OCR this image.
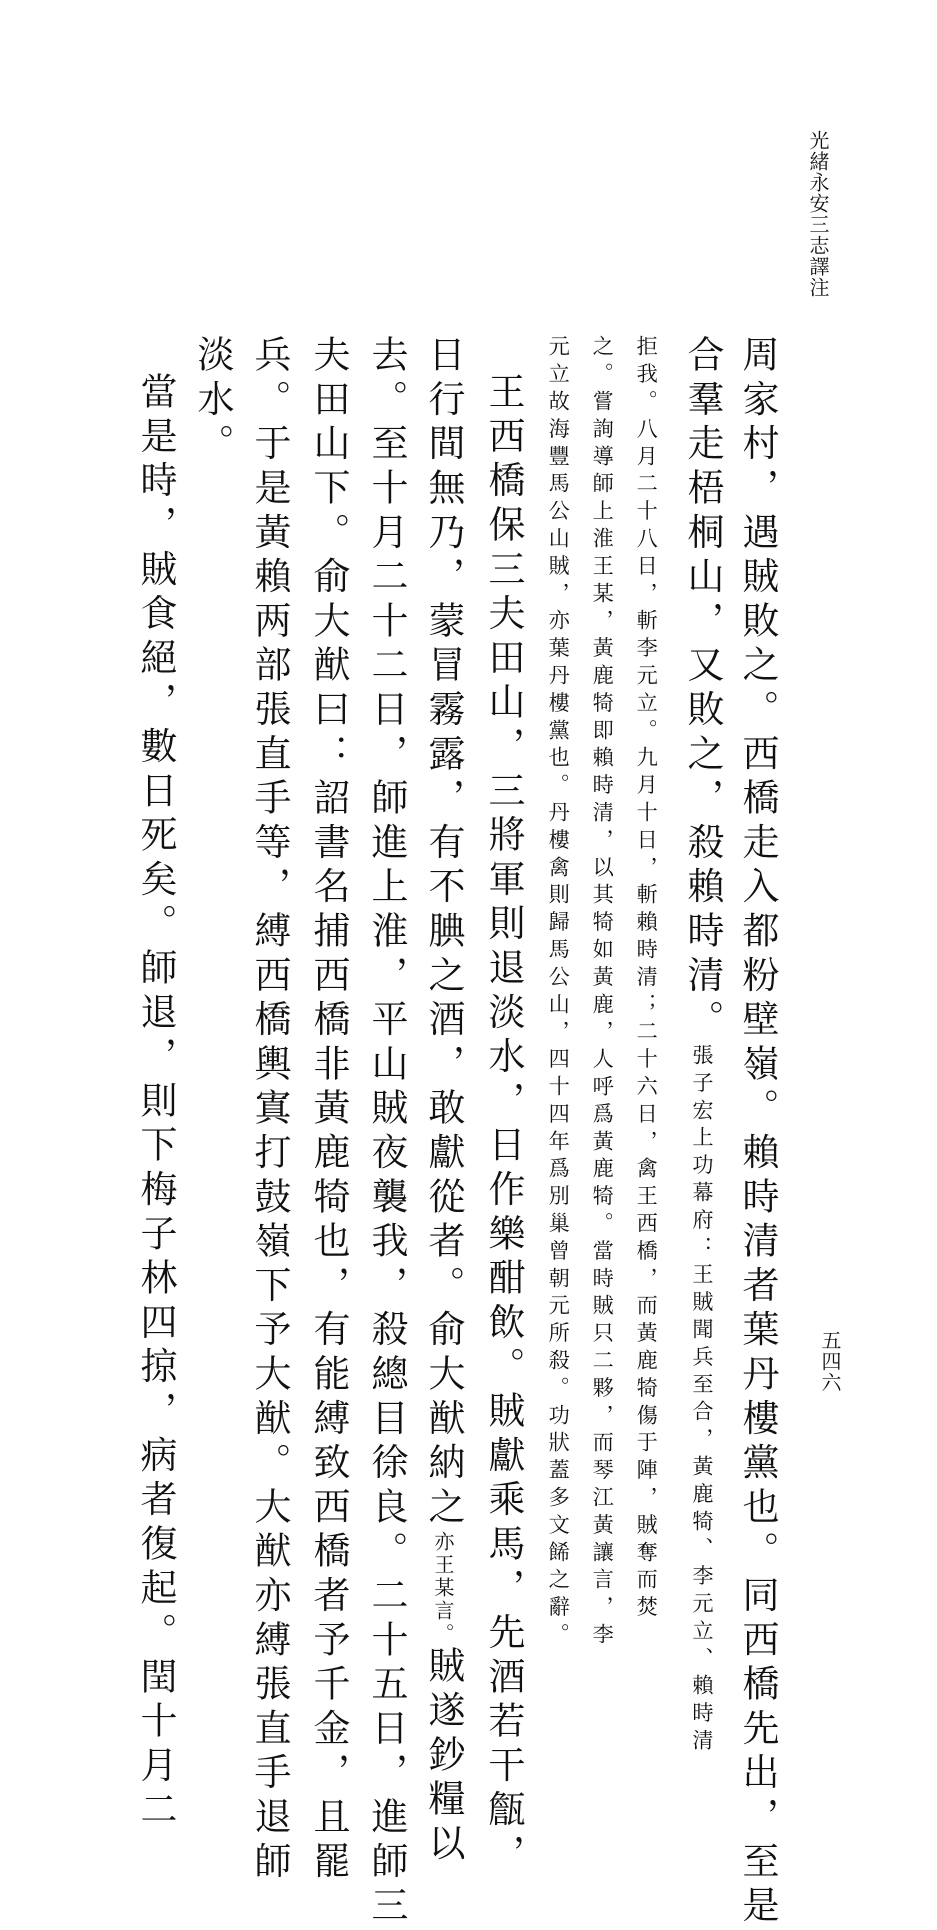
光緒永安三志譯注
五四六
周家村，遇賊敗之。西橋走入都粉壁嶺。賴時清者葉丹樓黨也。同西橋先出，至是
合羣走梧桐山，又敗之，殺賴時清。張子宏上功幕府：王賊聞兵至合，黃鹿犄、李元立、賴時清
拒我。八月二十八日，斬李元立。九月十日，斬賴時清；二十六日，禽王西橋，而黃鹿犄傷于陣，賊奪而焚
之。嘗詢導師上淮王某，黃鹿犄即賴時清，以其犄如黃鹿，人呼爲黃鹿犄。當時賊只二夥，而琴江黃讓言，李
元立故海豐馬公山賊，亦葉丹樓黨也。丹樓禽則歸馬公山，四十四年爲別巢曾朝元所殺。功狀蓋多文餙之辭。
王西橋保三夫田山，三將軍則退淡水，日作樂酣飲。賊獻乘馬，先酒若干甔，
日行間無乃，蒙冒霧露，有不腆之酒，敢獻從者。俞大猷納之亦王某言。賊遂鈔糧以
去。至十月二十二日，師進上淮，平山賊夜襲我，殺總目徐良。二十五日，進師三
夫田山下。俞大猷曰：詔書名捕西橋非黃鹿犄也，有能縛致西橋者予千金，且罷
兵。于是黃賴两部張直手等，縛西橋輿寘打鼓嶺下予大猷。大猷亦縛張直手退師
淡水。
當是時，賊食絕，數日死矣。師退，則下梅子林四掠，病者復起。閏十月二
